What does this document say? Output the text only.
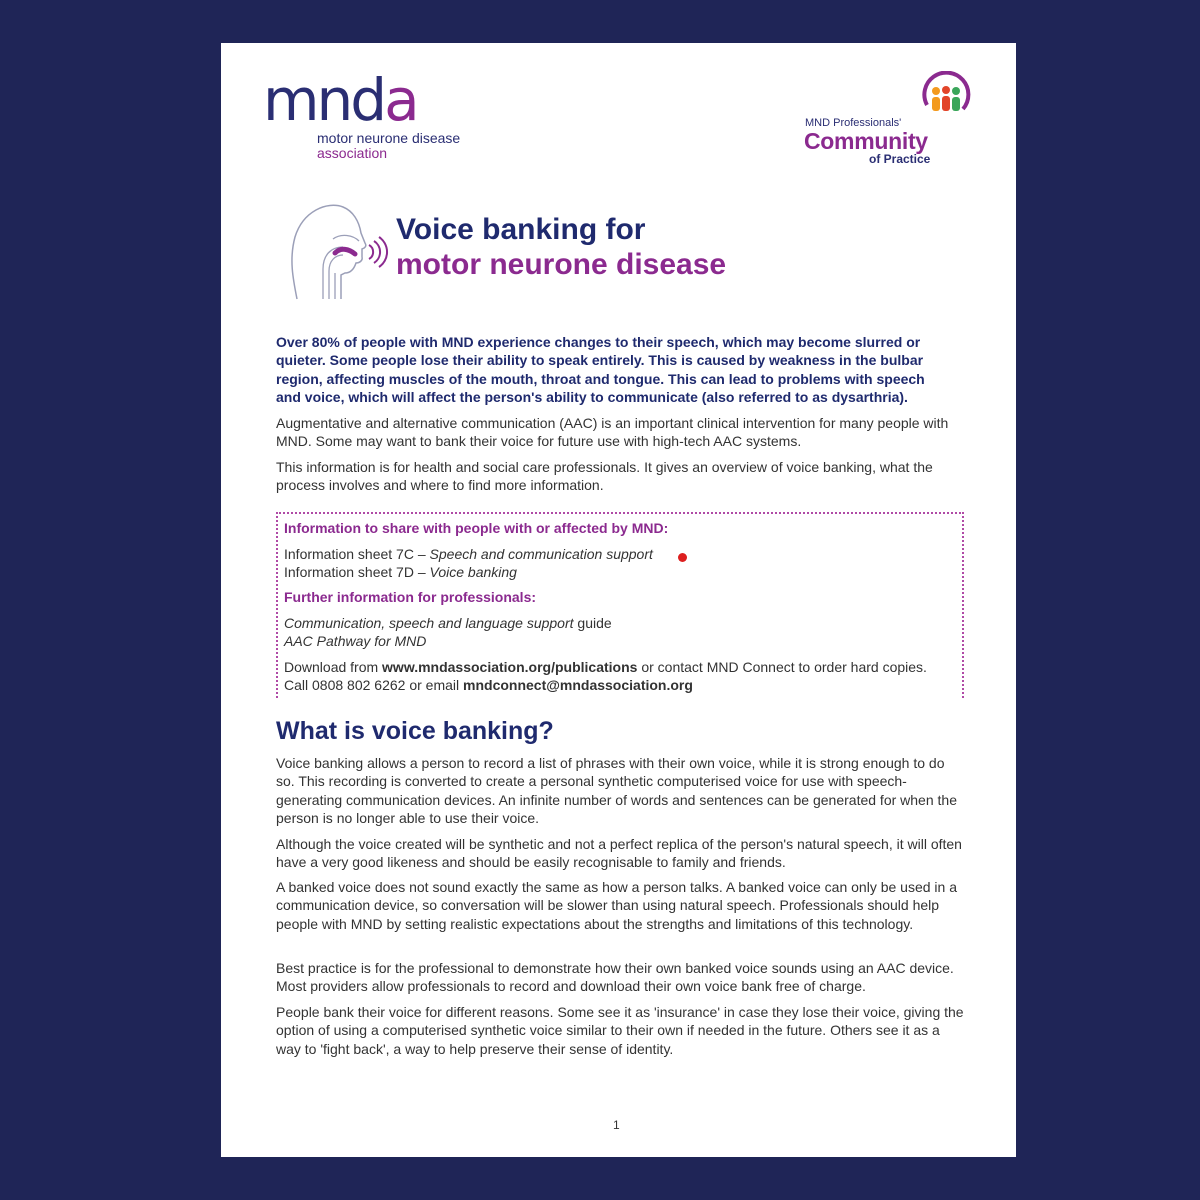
mnda
motor neurone disease
association
MND Professionals'
Community
of Practice
Voice banking for
motor neurone disease
Over 80% of people with MND experience changes to their speech, which may become slurred or quieter. Some people lose their ability to speak entirely. This is caused by weakness in the bulbar region, affecting muscles of the mouth, throat and tongue. This can lead to problems with speech and voice, which will affect the person's ability to communicate (also referred to as dysarthria).
Augmentative and alternative communication (AAC) is an important clinical intervention for many people with MND. Some may want to bank their voice for future use with high-tech AAC systems.
This information is for health and social care professionals. It gives an overview of voice banking, what the process involves and where to find more information.
Information to share with people with or affected by MND:
Information sheet 7C – Speech and communication support
Information sheet 7D – Voice banking
Further information for professionals:
Communication, speech and language support guide
AAC Pathway for MND
Download from www.mndassociation.org/publications or contact MND Connect to order hard copies. Call 0808 802 6262 or email mndconnect@mndassociation.org
What is voice banking?
Voice banking allows a person to record a list of phrases with their own voice, while it is strong enough to do so. This recording is converted to create a personal synthetic computerised voice for use with speech-generating communication devices. An infinite number of words and sentences can be generated for when the person is no longer able to use their voice.
Although the voice created will be synthetic and not a perfect replica of the person's natural speech, it will often have a very good likeness and should be easily recognisable to family and friends.
A banked voice does not sound exactly the same as how a person talks. A banked voice can only be used in a communication device, so conversation will be slower than using natural speech. Professionals should help people with MND by setting realistic expectations about the strengths and limitations of this technology.
Best practice is for the professional to demonstrate how their own banked voice sounds using an AAC device. Most providers allow professionals to record and download their own voice bank free of charge.
People bank their voice for different reasons. Some see it as 'insurance' in case they lose their voice, giving the option of using a computerised synthetic voice similar to their own if needed in the future. Others see it as a way to 'fight back', a way to help preserve their sense of identity.
1
